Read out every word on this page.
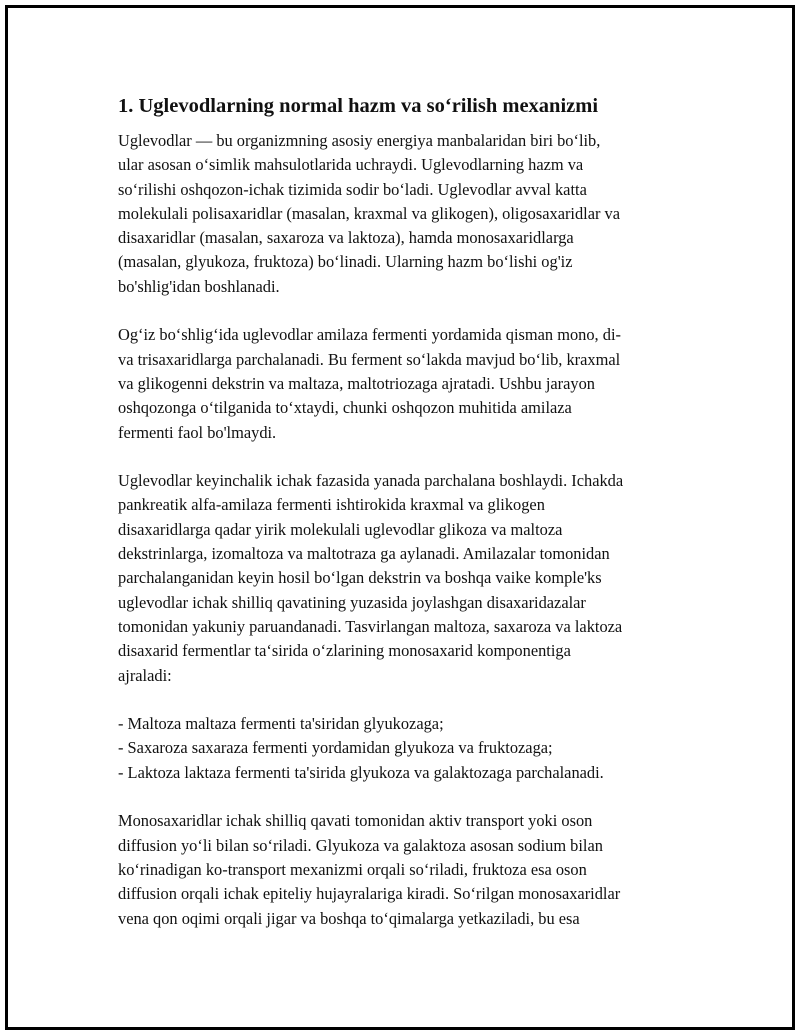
1. Uglevodlarning normal hazm va so‘rilish mexanizmi
Uglevodlar — bu organizmning asosiy energiya manbalaridan biri bo‘lib,
ular asosan o‘simlik mahsulotlarida uchraydi. Uglevodlarning hazm va
so‘rilishi oshqozon-ichak tizimida sodir bo‘ladi. Uglevodlar avval katta
molekulali polisaxaridlar (masalan, kraxmal va glikogen), oligosaxaridlar va
disaxaridlar (masalan, saxaroza va laktoza), hamda monosaxaridlarga
(masalan, glyukoza, fruktoza) bo‘linadi. Ularning hazm bo‘lishi og'iz
bo'shlig'idan boshlanadi.
Og‘iz bo‘shlig‘ida uglevodlar amilaza fermenti yordamida qisman mono, di-
va trisaxaridlarga parchalanadi. Bu ferment so‘lakda mavjud bo‘lib, kraxmal
va glikogenni dekstrin va maltaza, maltotriozaga ajratadi. Ushbu jarayon
oshqozonga o‘tilganida to‘xtaydi, chunki oshqozon muhitida amilaza
fermenti faol bo'lmaydi.
Uglevodlar keyinchalik ichak fazasida yanada parchalana boshlaydi. Ichakda
pankreatik alfa-amilaza fermenti ishtirokida kraxmal va glikogen
disaxaridlarga qadar yirik molekulali uglevodlar glikoza va maltoza
dekstrinlarga, izomaltoza va maltotraza ga aylanadi. Amilazalar tomonidan
parchalanganidan keyin hosil bo‘lgan dekstrin va boshqa vaike komple'ks
uglevodlar ichak shilliq qavatining yuzasida joylashgan disaxaridazalar
tomonidan yakuniy paruandanadi. Tasvirlangan maltoza, saxaroza va laktoza
disaxarid fermentlar ta‘sirida o‘zlarining monosaxarid komponentiga
ajraladi:
- Maltoza maltaza fermenti ta'siridan glyukozaga;
- Saxaroza saxaraza fermenti yordamidan glyukoza va fruktozaga;
- Laktoza laktaza fermenti ta'sirida glyukoza va galaktozaga parchalanadi.
Monosaxaridlar ichak shilliq qavati tomonidan aktiv transport yoki oson
diffusion yo‘li bilan so‘riladi. Glyukoza va galaktoza asosan sodium bilan
ko‘rinadigan ko-transport mexanizmi orqali so‘riladi, fruktoza esa oson
diffusion orqali ichak epiteliy hujayralariga kiradi. So‘rilgan monosaxaridlar
vena qon oqimi orqali jigar va boshqa to‘qimalarga yetkaziladi, bu esa
